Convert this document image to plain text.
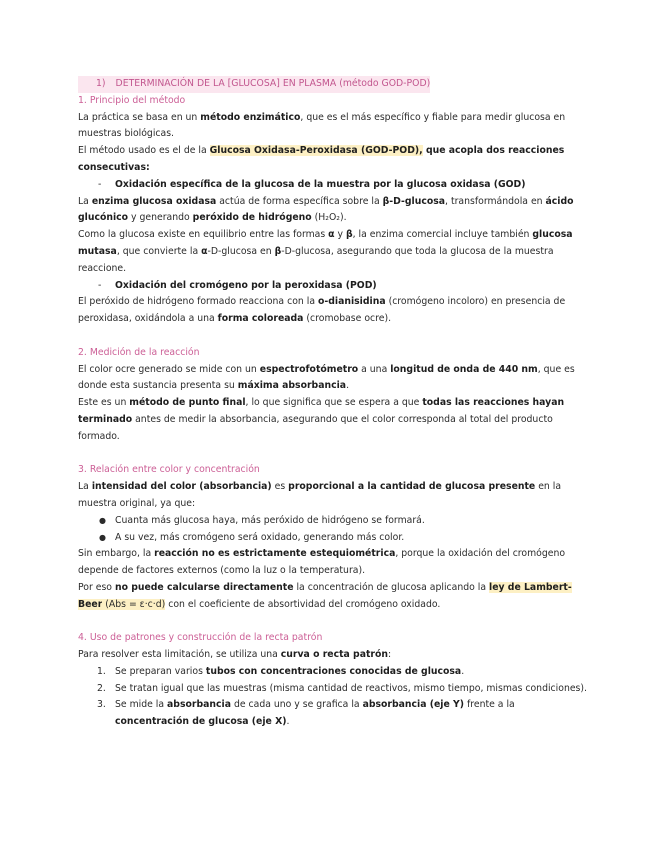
1) DETERMINACIÓN DE LA [GLUCOSA] EN PLASMA (método GOD-POD)
1. Principio del método

La práctica se basa en un método enzimático, que es el más específico y fiable para medir glucosa en muestras biológicas.

El método usado es el de la Glucosa Oxidasa-Peroxidasa (GOD-POD), que acopla dos reacciones consecutivas:

- Oxidación específica de la glucosa de la muestra por la glucosa oxidasa (GOD)

La enzima glucosa oxidasa actúa de forma específica sobre la β-D-glucosa, transformándola en ácido glucónico y generando peróxido de hidrógeno (H₂O₂).

Como la glucosa existe en equilibrio entre las formas α y β, la enzima comercial incluye también glucosa mutasa, que convierte la α-D-glucosa en β-D-glucosa, asegurando que toda la glucosa de la muestra reaccione.

- Oxidación del cromógeno por la peroxidasa (POD)

El peróxido de hidrógeno formado reacciona con la o-dianisidina (cromógeno incoloro) en presencia de peroxidasa, oxidándola a una forma coloreada (cromobase ocre).

2. Medición de la reacción

El color ocre generado se mide con un espectrofotómetro a una longitud de onda de 440 nm, que es donde esta sustancia presenta su máxima absorbancia.

Este es un método de punto final, lo que significa que se espera a que todas las reacciones hayan terminado antes de medir la absorbancia, asegurando que el color corresponda al total del producto formado.

3. Relación entre color y concentración

La intensidad del color (absorbancia) es proporcional a la cantidad de glucosa presente en la muestra original, ya que:

● Cuanta más glucosa haya, más peróxido de hidrógeno se formará.
● A su vez, más cromógeno será oxidado, generando más color.

Sin embargo, la reacción no es estrictamente estequiométrica, porque la oxidación del cromógeno depende de factores externos (como la luz o la temperatura).

Por eso no puede calcularse directamente la concentración de glucosa aplicando la ley de Lambert-Beer (Abs = ε·c·d) con el coeficiente de absortividad del cromógeno oxidado.

4. Uso de patrones y construcción de la recta patrón

Para resolver esta limitación, se utiliza una curva o recta patrón:

1. Se preparan varios tubos con concentraciones conocidas de glucosa.
2. Se tratan igual que las muestras (misma cantidad de reactivos, mismo tiempo, mismas condiciones).
3. Se mide la absorbancia de cada uno y se grafica la absorbancia (eje Y) frente a la concentración de glucosa (eje X).
